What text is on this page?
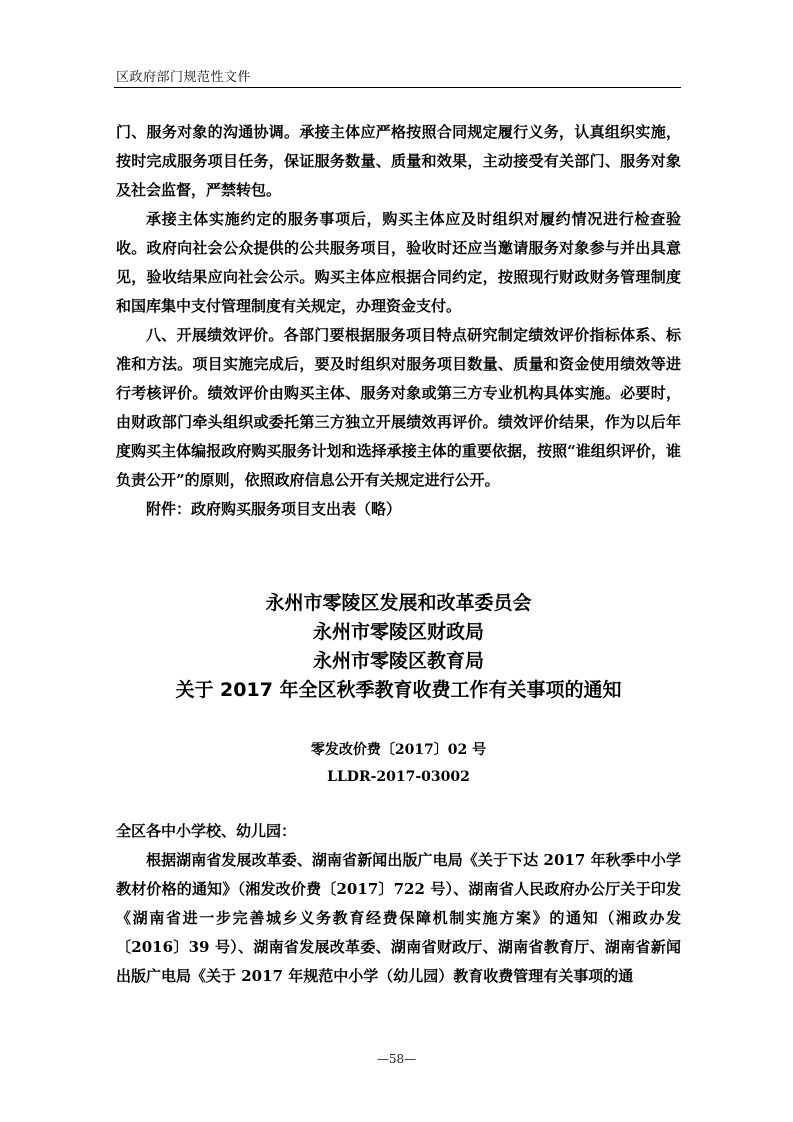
区政府部门规范性文件

门、服务对象的沟通协调。承接主体应严格按照合同规定履行义务，认真组织实施，按时完成服务项目任务，保证服务数量、质量和效果，主动接受有关部门、服务对象及社会监督，严禁转包。

承接主体实施约定的服务事项后，购买主体应及时组织对履约情况进行检查验收。政府向社会公众提供的公共服务项目，验收时还应当邀请服务对象参与并出具意见，验收结果应向社会公示。购买主体应根据合同约定，按照现行财政财务管理制度和国库集中支付管理制度有关规定，办理资金支付。

八、开展绩效评价。各部门要根据服务项目特点研究制定绩效评价指标体系、标准和方法。项目实施完成后，要及时组织对服务项目数量、质量和资金使用绩效等进行考核评价。绩效评价由购买主体、服务对象或第三方专业机构具体实施。必要时，由财政部门牵头组织或委托第三方独立开展绩效再评价。绩效评价结果，作为以后年度购买主体编报政府购买服务计划和选择承接主体的重要依据，按照“谁组织评价，谁负责公开”的原则，依照政府信息公开有关规定进行公开。

附件：政府购买服务项目支出表（略）

永州市零陵区发展和改革委员会
永州市零陵区财政局
永州市零陵区教育局
关于 2017 年全区秋季教育收费工作有关事项的通知
零发改价费〔2017〕02 号
LLDR-2017-03002

全区各中小学校、幼儿园：

根据湖南省发展改革委、湖南省新闻出版广电局《关于下达 2017 年秋季中小学教材价格的通知》（湘发改价费〔2017〕722 号）、湖南省人民政府办公厅关于印发《湖南省进一步完善城乡义务教育经费保障机制实施方案》的通知（湘政办发〔2016〕39 号）、湖南省发展改革委、湖南省财政厅、湖南省教育厅、湖南省新闻出版广电局《关于 2017 年规范中小学（幼儿园）教育收费管理有关事项的通

—58—
